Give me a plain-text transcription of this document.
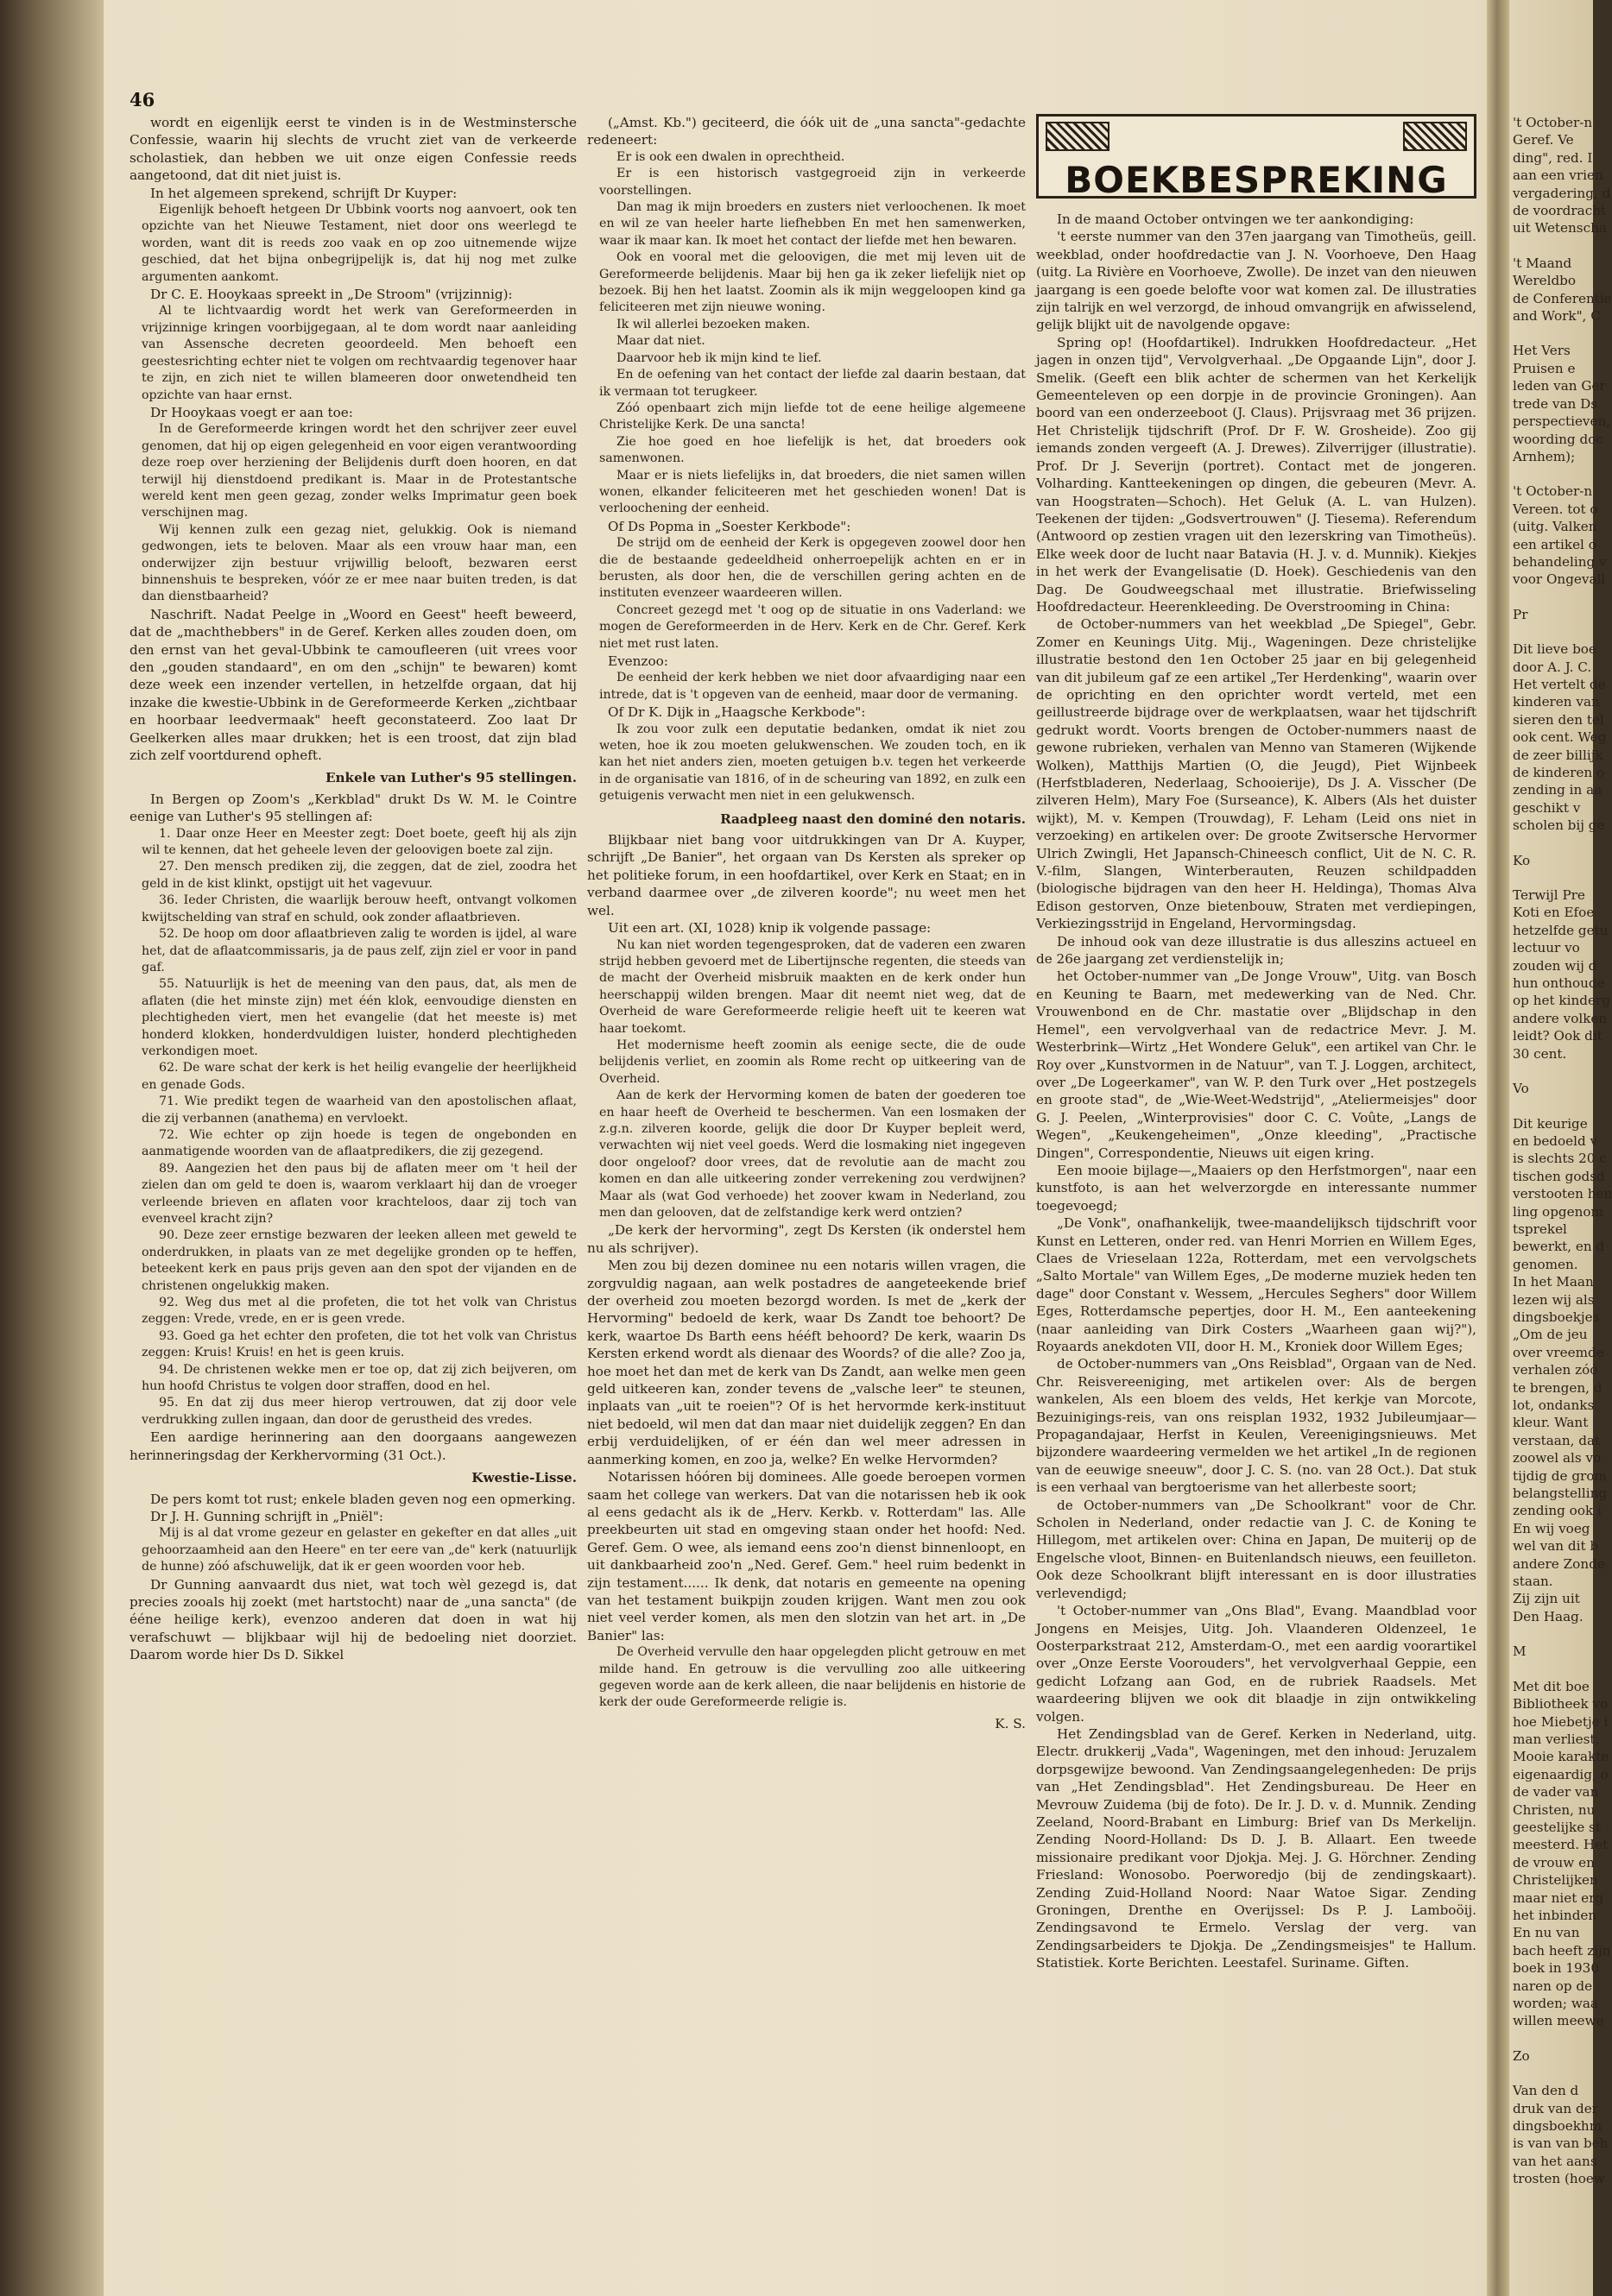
46

wordt en eigenlijk eerst te vinden is in de Westminstersche Confessie, waarin hij slechts de vrucht ziet van de verkeerde scholastiek, dan hebben we uit onze eigen Confessie reeds aangetoond, dat dit niet juist is.

In het algemeen sprekend, schrijft Dr Kuyper:

Eigenlijk behoeft hetgeen Dr Ubbink voorts nog aanvoert, ook ten opzichte van het Nieuwe Testament, niet door ons weerlegd te worden, want dit is reeds zoo vaak en op zoo uitnemende wijze geschied, dat het bijna onbegrijpelijk is, dat hij nog met zulke argumenten aankomt.

Dr C. E. Hooykaas spreekt in „De Stroom" (vrijzinnig):

Al te lichtvaardig wordt het werk van Gereformeerden in vrijzinnige kringen voorbijgegaan, al te dom wordt naar aanleiding van Assensche decreten geoordeeld. Men behoeft een geestesrichting echter niet te volgen om rechtvaardig tegenover haar te zijn, en zich niet te willen blameeren door onwetendheid ten opzichte van haar ernst.

Dr Hooykaas voegt er aan toe:

In de Gereformeerde kringen wordt het den schrijver zeer euvel genomen, dat hij op eigen gelegenheid en voor eigen verantwoording deze roep over herziening der Belijdenis durft doen hooren, en dat terwijl hij dienstdoend predikant is. Maar in de Protestantsche wereld kent men geen gezag, zonder welks Imprimatur geen boek verschijnen mag.

Wij kennen zulk een gezag niet, gelukkig. Ook is niemand gedwongen, iets te beloven. Maar als een vrouw haar man, een onderwijzer zijn bestuur vrijwillig belooft, bezwaren eerst binnenshuis te bespreken, vóór ze er mee naar buiten treden, is dat dan dienstbaarheid?

Naschrift. Nadat Peelge in „Woord en Geest" heeft beweerd, dat de „machthebbers" in de Geref. Kerken alles zouden doen, om den ernst van het geval-Ubbink te camoufleeren (uit vrees voor den „gouden standaard", en om den „schijn" te bewaren) komt deze week een inzender vertellen, in hetzelfde orgaan, dat hij inzake die kwestie-Ubbink in de Gereformeerde Kerken „zichtbaar en hoorbaar leedvermaak" heeft geconstateerd. Zoo laat Dr Geelkerken alles maar drukken; het is een troost, dat zijn blad zich zelf voortdurend opheft.

Enkele van Luther's 95 stellingen.

In Bergen op Zoom's „Kerkblad" drukt Ds W. M. le Cointre eenige van Luther's 95 stellingen af:

1. Daar onze Heer en Meester zegt: Doet boete, geeft hij als zijn wil te kennen, dat het geheele leven der geloovigen boete zal zijn.

27. Den mensch prediken zij, die zeggen, dat de ziel, zoodra het geld in de kist klinkt, opstijgt uit het vagevuur.

36. Ieder Christen, die waarlijk berouw heeft, ontvangt volkomen kwijtschelding van straf en schuld, ook zonder aflaatbrieven.

52. De hoop om door aflaatbrieven zalig te worden is ijdel, al ware het, dat de aflaatcommissaris, ja de paus zelf, zijn ziel er voor in pand gaf.

55. Natuurlijk is het de meening van den paus, dat, als men de aflaten (die het minste zijn) met één klok, eenvoudige diensten en plechtigheden viert, men het evangelie (dat het meeste is) met honderd klokken, honderdvuldigen luister, honderd plechtigheden verkondigen moet.

62. De ware schat der kerk is het heilig evangelie der heerlijkheid en genade Gods.

71. Wie predikt tegen de waarheid van den apostolischen aflaat, die zij verbannen (anathema) en vervloekt.

72. Wie echter op zijn hoede is tegen de ongebonden en aanmatigende woorden van de aflaatpredikers, die zij gezegend.

89. Aangezien het den paus bij de aflaten meer om 't heil der zielen dan om geld te doen is, waarom verklaart hij dan de vroeger verleende brieven en aflaten voor krachteloos, daar zij toch van evenveel kracht zijn?

90. Deze zeer ernstige bezwaren der leeken alleen met geweld te onderdrukken, in plaats van ze met degelijke gronden op te heffen, beteekent kerk en paus prijs geven aan den spot der vijanden en de christenen ongelukkig maken.

92. Weg dus met al die profeten, die tot het volk van Christus zeggen: Vrede, vrede, en er is geen vrede.

93. Goed ga het echter den profeten, die tot het volk van Christus zeggen: Kruis! Kruis! en het is geen kruis.

94. De christenen wekke men er toe op, dat zij zich beijveren, om hun hoofd Christus te volgen door straffen, dood en hel.

95. En dat zij dus meer hierop vertrouwen, dat zij door vele verdrukking zullen ingaan, dan door de gerustheid des vredes.

Een aardige herinnering aan den doorgaans aangewezen herinneringsdag der Kerkhervorming (31 Oct.).

Kwestie-Lisse.

De pers komt tot rust; enkele bladen geven nog een opmerking.

Dr J. H. Gunning schrijft in „Pniël":

Mij is al dat vrome gezeur en gelaster en gekefter en dat alles „uit gehoorzaamheid aan den Heere" en ter eere van „de" kerk (natuurlijk de hunne) zóó afschuwelijk, dat ik er geen woorden voor heb.

Dr Gunning aanvaardt dus niet, wat toch wèl gezegd is, dat precies zooals hij zoekt (met hartstocht) naar de „una sancta" (de ééne heilige kerk), evenzoo anderen dat doen in wat hij verafschuwt — blijkbaar wijl hij de bedoeling niet doorziet. Daarom worde hier Ds D. Sikkel

(„Amst. Kb.") geciteerd, die óók uit de „una sancta"-gedachte redeneert:

Er is ook een dwalen in oprechtheid.

Er is een historisch vastgegroeid zijn in verkeerde voorstellingen.

Dan mag ik mijn broeders en zusters niet verloochenen. Ik moet en wil ze van heeler harte liefhebben En met hen samenwerken, waar ik maar kan. Ik moet het contact der liefde met hen bewaren.

Ook en vooral met die geloovigen, die met mij leven uit de Gereformeerde belijdenis. Maar bij hen ga ik zeker liefelijk niet op bezoek. Bij hen het laatst. Zoomin als ik mijn weggeloopen kind ga feliciteeren met zijn nieuwe woning.

Ik wil allerlei bezoeken maken.

Maar dat niet.

Daarvoor heb ik mijn kind te lief.

En de oefening van het contact der liefde zal daarin bestaan, dat ik vermaan tot terugkeer.

Zóó openbaart zich mijn liefde tot de eene heilige algemeene Christelijke Kerk. De una sancta!

Zie hoe goed en hoe liefelijk is het, dat broeders ook samenwonen.

Maar er is niets liefelijks in, dat broeders, die niet samen willen wonen, elkander feliciteeren met het geschieden wonen! Dat is verloochening der eenheid.

Of Ds Popma in „Soester Kerkbode":

De strijd om de eenheid der Kerk is opgegeven zoowel door hen die de bestaande gedeeldheid onherroepelijk achten en er in berusten, als door hen, die de verschillen gering achten en de instituten evenzeer waardeeren willen.

Concreet gezegd met 't oog op de situatie in ons Vaderland: we mogen de Gereformeerden in de Herv. Kerk en de Chr. Geref. Kerk niet met rust laten.

Evenzoo:

De eenheid der kerk hebben we niet door afvaardiging naar een intrede, dat is 't opgeven van de eenheid, maar door de vermaning.

Of Dr K. Dijk in „Haagsche Kerkbode":

Ik zou voor zulk een deputatie bedanken, omdat ik niet zou weten, hoe ik zou moeten gelukwenschen. We zouden toch, en ik kan het niet anders zien, moeten getuigen b.v. tegen het verkeerde in de organisatie van 1816, of in de scheuring van 1892, en zulk een getuigenis verwacht men niet in een gelukwensch.

Raadpleeg naast den dominé den notaris.

Blijkbaar niet bang voor uitdrukkingen van Dr A. Kuyper, schrijft „De Banier", het orgaan van Ds Kersten als spreker op het politieke forum, in een hoofdartikel, over Kerk en Staat; en in verband daarmee over „de zilveren koorde"; nu weet men het wel.

Uit een art. (XI, 1028) knip ik volgende passage:

Nu kan niet worden tegengesproken, dat de vaderen een zwaren strijd hebben gevoerd met de Libertijnsche regenten, die steeds van de macht der Overheid misbruik maakten en de kerk onder hun heerschappij wilden brengen. Maar dit neemt niet weg, dat de Overheid de ware Gereformeerde religie heeft uit te keeren wat haar toekomt.

Het modernisme heeft zoomin als eenige secte, die de oude belijdenis verliet, en zoomin als Rome recht op uitkeering van de Overheid.

Aan de kerk der Hervorming komen de baten der goederen toe en haar heeft de Overheid te beschermen. Van een losmaken der z.g.n. zilveren koorde, gelijk die door Dr Kuyper bepleit werd, verwachten wij niet veel goeds. Werd die losmaking niet ingegeven door ongeloof? door vrees, dat de revolutie aan de macht zou komen en dan alle uitkeering zonder verrekening zou verdwijnen? Maar als (wat God verhoede) het zoover kwam in Nederland, zou men dan gelooven, dat de zelfstandige kerk werd ontzien?

„De kerk der hervorming", zegt Ds Kersten (ik onderstel hem nu als schrijver).

Men zou bij dezen dominee nu een notaris willen vragen, die zorgvuldig nagaan, aan welk postadres de aangeteekende brief der overheid zou moeten bezorgd worden. Is met de „kerk der Hervorming" bedoeld de kerk, waar Ds Zandt toe behoort? De kerk, waartoe Ds Barth eens hééft behoord? De kerk, waarin Ds Kersten erkend wordt als dienaar des Woords? of die alle? Zoo ja, hoe moet het dan met de kerk van Ds Zandt, aan welke men geen geld uitkeeren kan, zonder tevens de „valsche leer" te steunen, inplaats van „uit te roeien"? Of is het hervormde kerk-instituut niet bedoeld, wil men dat dan maar niet duidelijk zeggen? En dan erbij verduidelijken, of er één dan wel meer adressen in aanmerking komen, en zoo ja, welke? En welke Hervormden?

Notarissen hóóren bij dominees. Alle goede beroepen vormen saam het college van werkers. Dat van die notarissen heb ik ook al eens gedacht als ik de „Herv. Kerkb. v. Rotterdam" las. Alle preekbeurten uit stad en omgeving staan onder het hoofd: Ned. Geref. Gem. O wee, als iemand eens zoo'n dienst binnenloopt, en uit dankbaarheid zoo'n „Ned. Geref. Gem." heel ruim bedenkt in zijn testament...... Ik denk, dat notaris en gemeente na opening van het testament buikpijn zouden krijgen. Want men zou ook niet veel verder komen, als men den slotzin van het art. in „De Banier" las:

De Overheid vervulle den haar opgelegden plicht getrouw en met milde hand. En getrouw is die vervulling zoo alle uitkeering gegeven worde aan de kerk alleen, die naar belijdenis en historie de kerk der oude Gereformeerde religie is.

K. S.

BOEKBESPREKING

In de maand October ontvingen we ter aankondiging:

't eerste nummer van den 37en jaargang van Timotheüs, geill. weekblad, onder hoofdredactie van J. N. Voorhoeve, Den Haag (uitg. La Rivière en Voorhoeve, Zwolle). De inzet van den nieuwen jaargang is een goede belofte voor wat komen zal. De illustraties zijn talrijk en wel verzorgd, de inhoud omvangrijk en afwisselend, gelijk blijkt uit de navolgende opgave:

Spring op! (Hoofdartikel). Indrukken Hoofdredacteur. „Het jagen in onzen tijd", Vervolgverhaal. „De Opgaande Lijn", door J. Smelik. (Geeft een blik achter de schermen van het Kerkelijk Gemeenteleven op een dorpje in de provincie Groningen). Aan boord van een onderzeeboot (J. Claus). Prijsvraag met 36 prijzen. Het Christelijk tijdschrift (Prof. Dr F. W. Grosheide). Zoo gij iemands zonden vergeeft (A. J. Drewes). Zilverrijger (illustratie). Prof. Dr J. Severijn (portret). Contact met de jongeren. Volharding. Kantteekeningen op dingen, die gebeuren (Mevr. A. van Hoogstraten—Schoch). Het Geluk (A. L. van Hulzen). Teekenen der tijden: „Godsvertrouwen" (J. Tiesema). Referendum (Antwoord op zestien vragen uit den lezerskring van Timotheüs). Elke week door de lucht naar Batavia (H. J. v. d. Munnik). Kiekjes in het werk der Evangelisatie (D. Hoek). Geschiedenis van den Dag. De Goudweegschaal met illustratie. Briefwisseling Hoofdredacteur. Heerenkleeding. De Overstrooming in China:

de October-nummers van het weekblad „De Spiegel", Gebr. Zomer en Keunings Uitg. Mij., Wageningen. Deze christelijke illustratie bestond den 1en October 25 jaar en bij gelegenheid van dit jubileum gaf ze een artikel „Ter Herdenking", waarin over de oprichting en den oprichter wordt verteld, met een geillustreerde bijdrage over de werkplaatsen, waar het tijdschrift gedrukt wordt. Voorts brengen de October-nummers naast de gewone rubrieken, verhalen van Menno van Stameren (Wijkende Wolken), Matthijs Martien (O, die Jeugd), Piet Wijnbeek (Herfstbladeren, Nederlaag, Schooierije), Ds J. A. Visscher (De zilveren Helm), Mary Foe (Surseance), K. Albers (Als het duister wijkt), M. v. Kempen (Trouwdag), F. Leham (Leid ons niet in verzoeking) en artikelen over: De groote Zwitsersche Hervormer Ulrich Zwingli, Het Japansch-Chineesch conflict, Uit de N. C. R. V.-film, Slangen, Winterberauten, Reuzen schildpadden (biologische bijdragen van den heer H. Heldinga), Thomas Alva Edison gestorven, Onze bietenbouw, Straten met verdiepingen, Verkiezingsstrijd in Engeland, Hervormingsdag.

De inhoud ook van deze illustratie is dus alleszins actueel en de 26e jaargang zet verdienstelijk in;

het October-nummer van „De Jonge Vrouw", Uitg. van Bosch en Keuning te Baarn, met medewerking van de Ned. Chr. Vrouwenbond en de Chr. mastatie over „Blijdschap in den Hemel", een vervolgverhaal van de redactrice Mevr. J. M. Westerbrink—Wirtz „Het Wondere Geluk", een artikel van Chr. le Roy over „Kunstvormen in de Natuur", van T. J. Loggen, architect, over „De Logeerkamer", van W. P. den Turk over „Het postzegels en groote stad", de „Wie-Weet-Wedstrijd", „Ateliermeisjes" door G. J. Peelen, „Winterprovisies" door C. C. Voûte, „Langs de Wegen", „Keukengeheimen", „Onze kleeding", „Practische Dingen", Correspondentie, Nieuws uit eigen kring.

Een mooie bijlage—„Maaiers op den Herfstmorgen", naar een kunstfoto, is aan het welverzorgde en interessante nummer toegevoegd;

„De Vonk", onafhankelijk, twee-maandelijksch tijdschrift voor Kunst en Letteren, onder red. van Henri Morrien en Willem Eges, Claes de Vrieselaan 122a, Rotterdam, met een vervolgschets „Salto Mortale" van Willem Eges, „De moderne muziek heden ten dage" door Constant v. Wessem, „Hercules Seghers" door Willem Eges, Rotterdamsche pepertjes, door H. M., Een aanteekening (naar aanleiding van Dirk Costers „Waarheen gaan wij?"), Royaards anekdoten VII, door H. M., Kroniek door Willem Eges;

de October-nummers van „Ons Reisblad", Orgaan van de Ned. Chr. Reisvereeniging, met artikelen over: Als de bergen wankelen, Als een bloem des velds, Het kerkje van Morcote, Bezuinigings-reis, van ons reisplan 1932, 1932 Jubileumjaar—Propagandajaar, Herfst in Keulen, Vereenigingsnieuws. Met bijzondere waardeering vermelden we het artikel „In de regionen van de eeuwige sneeuw", door J. C. S. (no. van 28 Oct.). Dat stuk is een verhaal van bergtoerisme van het allerbeste soort;

de October-nummers van „De Schoolkrant" voor de Chr. Scholen in Nederland, onder redactie van J. C. de Koning te Hillegom, met artikelen over: China en Japan, De muiterij op de Engelsche vloot, Binnen- en Buitenlandsch nieuws, een feuilleton. Ook deze Schoolkrant blijft interessant en is door illustraties verlevendigd;

't October-nummer van „Ons Blad", Evang. Maandblad voor Jongens en Meisjes, Uitg. Joh. Vlaanderen Oldenzeel, 1e Oosterparkstraat 212, Amsterdam-O., met een aardig voorartikel over „Onze Eerste Voorouders", het vervolgverhaal Geppie, een gedicht Lofzang aan God, en de rubriek Raadsels. Met waardeering blijven we ook dit blaadje in zijn ontwikkeling volgen.

Het Zendingsblad van de Geref. Kerken in Nederland, uitg. Electr. drukkerij „Vada", Wageningen, met den inhoud: Jeruzalem dorpsgewijze bewoond. Van Zendingsaangelegenheden: De prijs van „Het Zendingsblad". Het Zendingsbureau. De Heer en Mevrouw Zuidema (bij de foto). De Ir. J. D. v. d. Munnik. Zending Zeeland, Noord-Brabant en Limburg: Brief van Ds Merkelijn. Zending Noord-Holland: Ds D. J. B. Allaart. Een tweede missionaire predikant voor Djokja. Mej. J. G. Hörchner. Zending Friesland: Wonosobo. Poerworedjo (bij de zendingskaart). Zending Zuid-Holland Noord: Naar Watoe Sigar. Zending Groningen, Drenthe en Overijssel: Ds P. J. Lamboöij. Zendingsavond te Ermelo. Verslag der verg. van Zendingsarbeiders te Djokja. De „Zendingsmeisjes" te Hallum. Statistiek. Korte Berichten. Leestafel. Suriname. Giften.

't October-n

Geref. Ve

ding", red. I

aan een vrien

vergadering, d

de voordracht

uit Wetenscha

't Maand

Wereldbo

de Conferentie

and Work", C

Het Vers

Pruisen e

leden van Ger

trede van Ds

perspectieven,

woording doc

Arnhem);

't October-n

Vereen. tot o

(uitg. Valken

een artikel o

behandeling v

voor Ongevall

Pr

Dit lieve boe

door A. J. C.

Het vertelt de

kinderen van

sieren den tel

ook cent. Weg

de zeer billijk

de kinderen o

zending in aa

geschikt v

scholen bij ge

Ko

Terwijl Pre

Koti en Efoe

hetzelfde getu

lectuur vo

zouden wij d

hun onthoude

op het kinderg

andere volken

leidt? Ook dit

30 cent.

Vo

Dit keurige

en bedoeld v

is slechts 20 c

tischen godsd

verstooten hen

ling opgenom

tsprekel

bewerkt, en d

genomen.

In het Maan

lezen wij als

dingsboekjes

„Om de jeu

over vreemde

verhalen zóó

te brengen, d

lot, ondanks

kleur. Want

verstaan, dat

zoowel als vo

tijdig de grom

belangstelling

zending ook i

En wij voeg

wel van dit b

andere Zonde

staan.

Zij zijn uit

Den Haag.

M

Met dit boe

Bibliotheek vo

hoe Miebetje i

man verliest,

Mooie karakte

eigenaardig, o

de vader van

Christen, nu

geestelijke st

meesterd. Het

de vrouw en

Christelijken

maar niet erg

het inbinden

En nu van

bach heeft zijn

boek in 1930

naren op de

worden; waa

willen meewe

Zo

Van den d

druk van der

dingsboekhm

is van van beh

van het aans

trosten (hoew
